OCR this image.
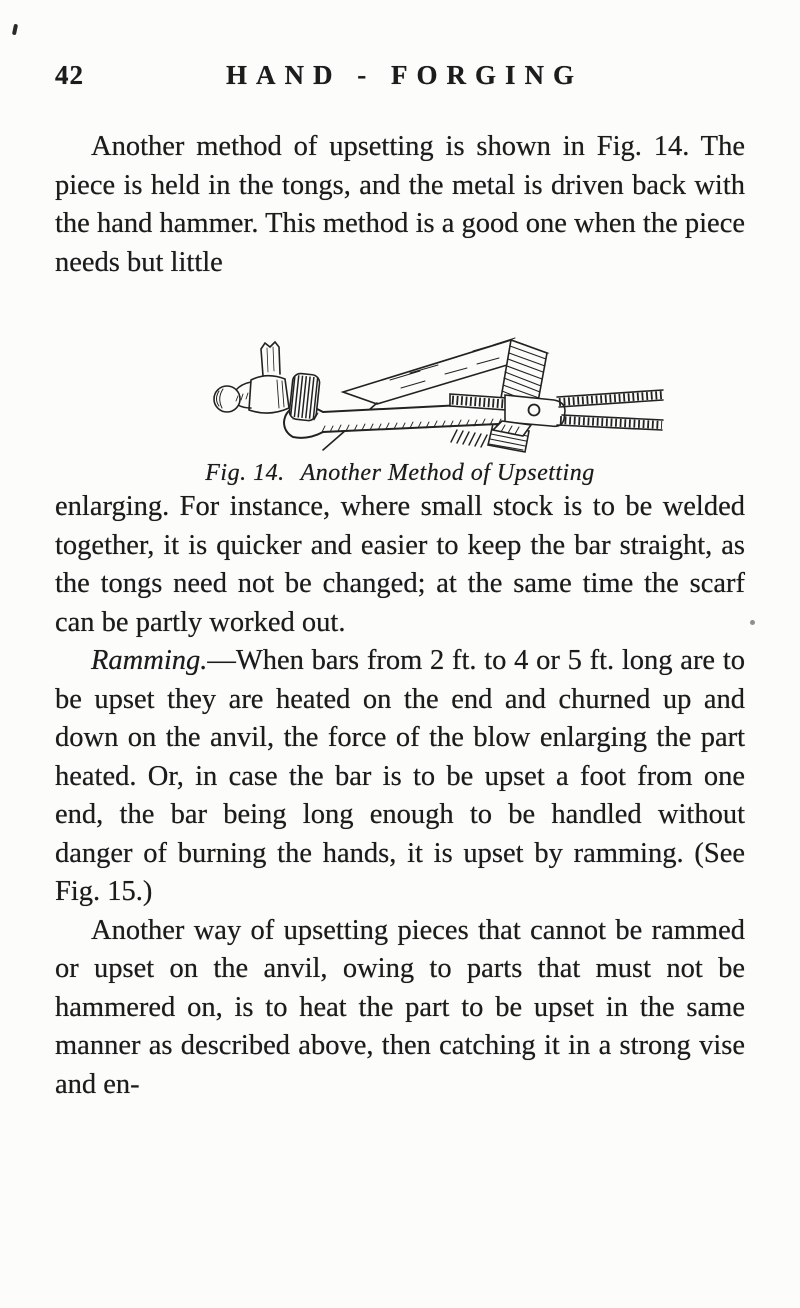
42	HAND - FORGING

Another method of upsetting is shown in Fig. 14. The piece is held in the tongs, and the metal is driven back with the hand hammer. This method is a good one when the piece needs but little

Fig. 14. Another Method of Upsetting

enlarging. For instance, where small stock is to be welded together, it is quicker and easier to keep the bar straight, as the tongs need not be changed; at the same time the scarf can be partly worked out.

Ramming.—When bars from 2 ft. to 4 or 5 ft. long are to be upset they are heated on the end and churned up and down on the anvil, the force of the blow enlarging the part heated. Or, in case the bar is to be upset a foot from one end, the bar being long enough to be handled without danger of burning the hands, it is upset by ramming. (See Fig. 15.)

Another way of upsetting pieces that cannot be rammed or upset on the anvil, owing to parts that must not be hammered on, is to heat the part to be upset in the same manner as described above, then catching it in a strong vise and en-
